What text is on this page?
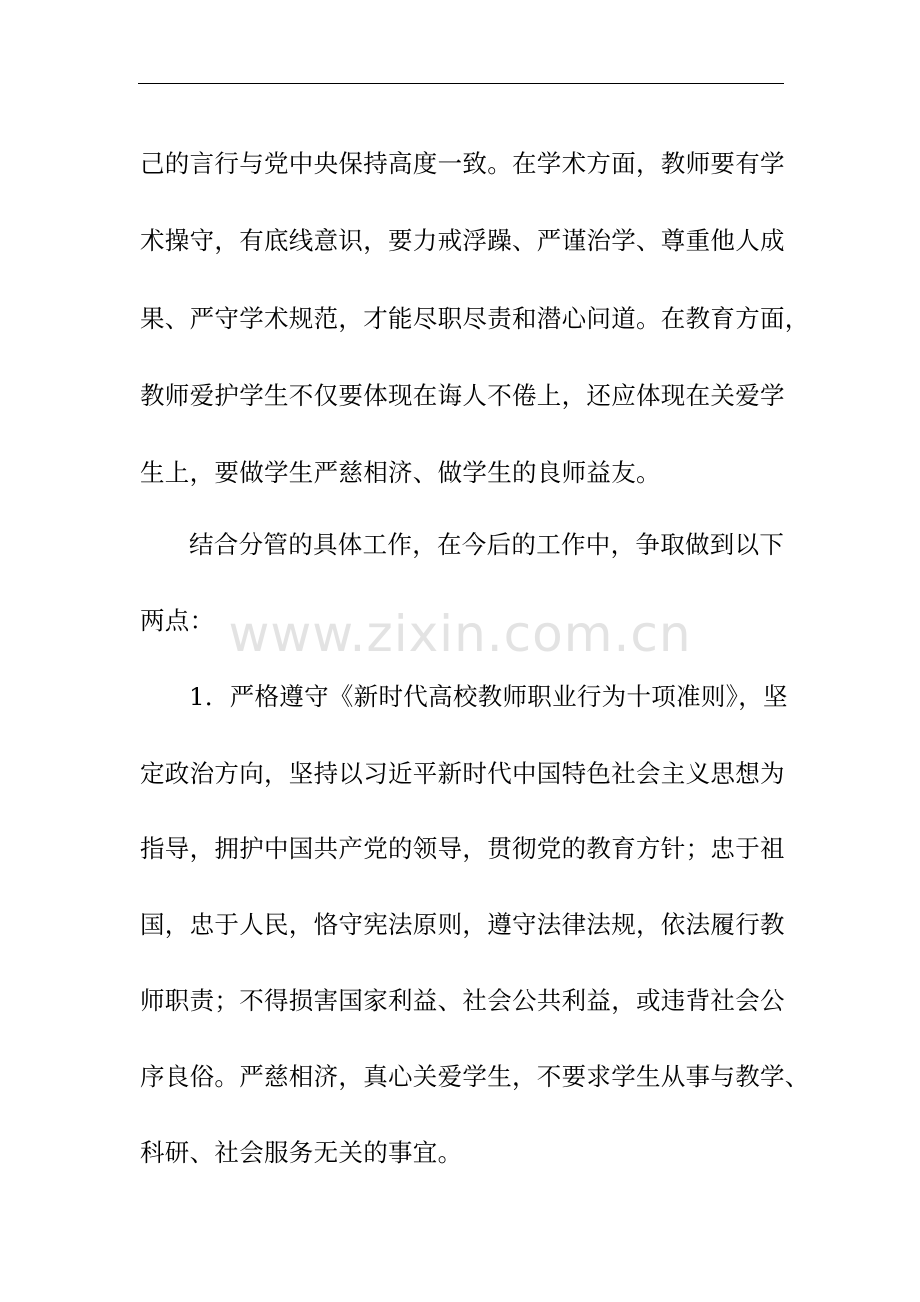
www.zixin.com.cn
己的言行与党中央保持高度一致。在学术方面，教师要有学
术操守，有底线意识，要力戒浮躁、严谨治学、尊重他人成
果、严守学术规范，才能尽职尽责和潜心问道。在教育方面，
教师爱护学生不仅要体现在诲人不倦上，还应体现在关爱学
生上，要做学生严慈相济、做学生的良师益友。
结合分管的具体工作，在今后的工作中，争取做到以下
两点：
1．严格遵守《新时代高校教师职业行为十项准则》，坚
定政治方向，坚持以习近平新时代中国特色社会主义思想为
指导，拥护中国共产党的领导，贯彻党的教育方针；忠于祖
国，忠于人民，恪守宪法原则，遵守法律法规，依法履行教
师职责；不得损害国家利益、社会公共利益，或违背社会公
序良俗。严慈相济，真心关爱学生，不要求学生从事与教学、
科研、社会服务无关的事宜。
